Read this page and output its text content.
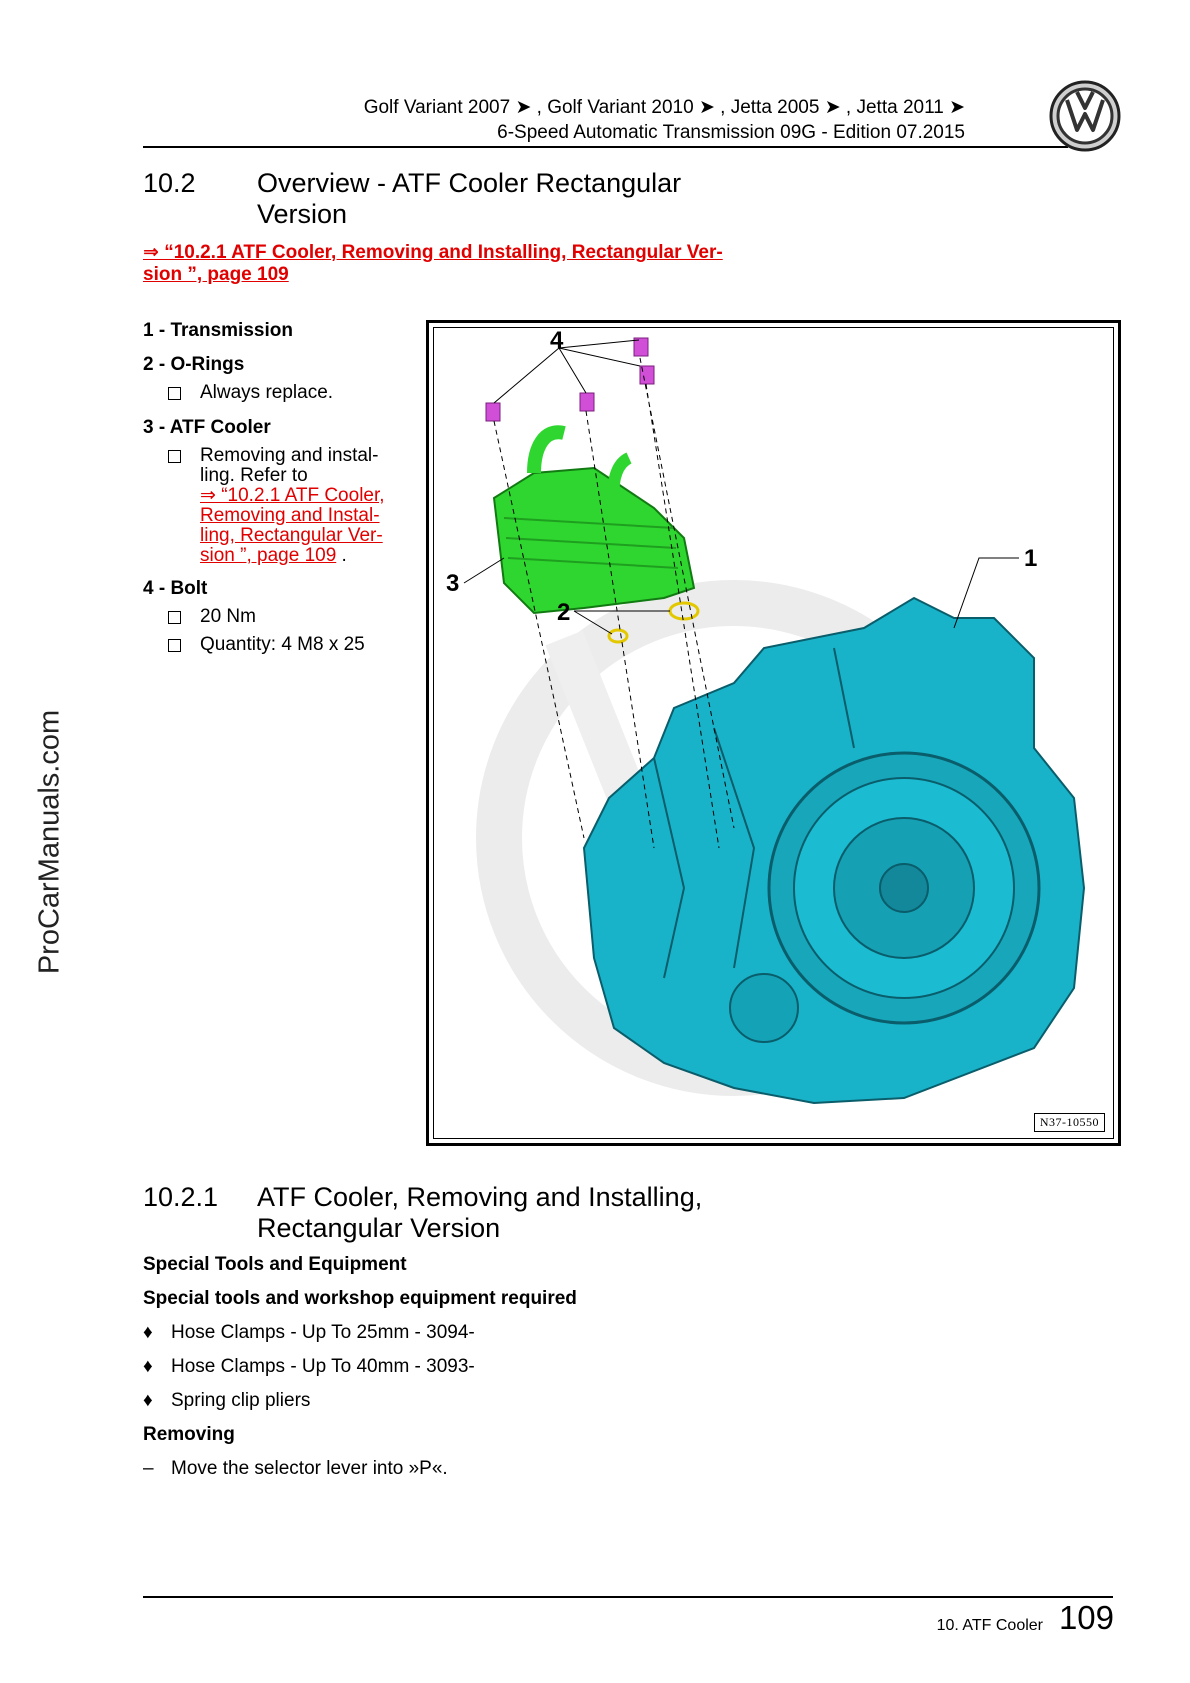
Golf Variant 2007 ➤ , Golf Variant 2010 ➤ , Jetta 2005 ➤ , Jetta 2011 ➤
6-Speed Automatic Transmission 09G - Edition 07.2015
ProCarManuals.com
10.2 Overview - ATF Cooler Rectangular Version
⇒ “10.2.1 ATF Cooler, Removing and Installing, Rectangular Ver-
sion ”, page 109
1 - Transmission
2 - O-Rings
Always replace.
3 - ATF Cooler
Removing and instal-
ling. Refer to
⇒ “10.2.1 ATF Cooler,
Removing and Instal-
ling, Rectangular Ver-
sion ”, page 109 .
4 - Bolt
20 Nm
Quantity: 4 M8 x 25
4
3
2
1
N37-10550
10.2.1 ATF Cooler, Removing and Installing, Rectangular Version
Special Tools and Equipment
Special tools and workshop equipment required
♦ Hose Clamps - Up To 25mm - 3094-
♦ Hose Clamps - Up To 40mm - 3093-
♦ Spring clip pliers
Removing
– Move the selector lever into »P«.
10. ATF Cooler 109
